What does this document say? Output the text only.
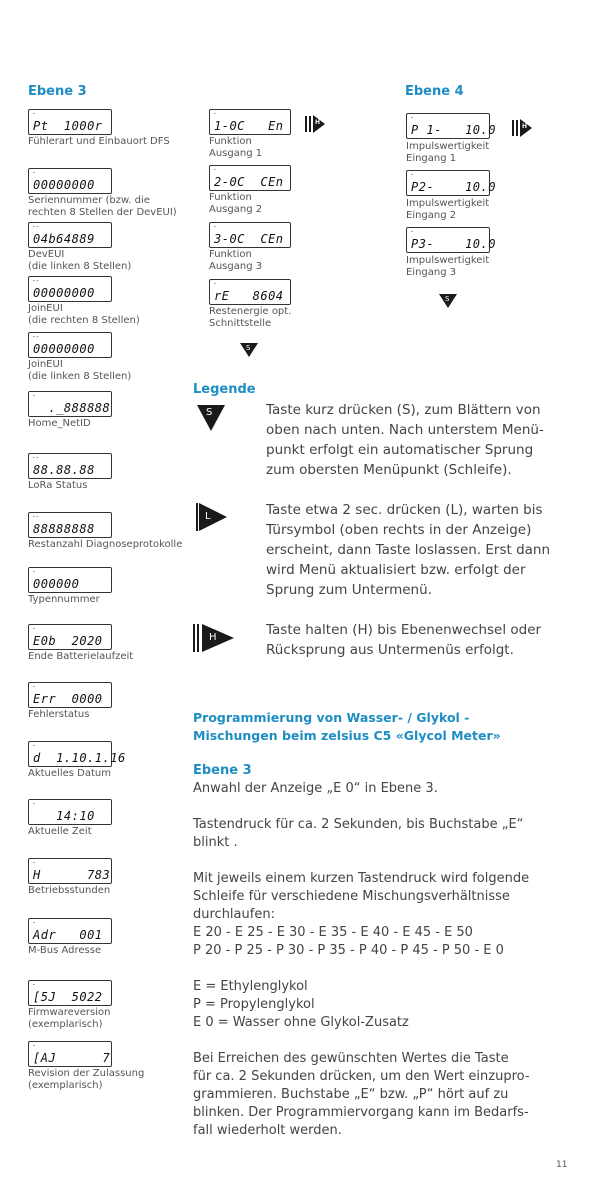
Ebene 3
-
Pt  1000r
Fühlerart und Einbauort DFS
-
00000000
Seriennummer (bzw. die
rechten 8 Stellen der DevEUI)
--
04b64889
DevEUI
(die linken 8 Stellen)
--
00000000
JoinEUI
(die rechten 8 Stellen)
--
00000000
JoinEUI
(die linken 8 Stellen)
-
._888888
Home_NetID
--
88.88.88
LoRa Status
--
88888888
Restanzahl Diagnoseprotokolle
-
000000
Typennummer
-
E0b  2020
Ende Batterielaufzeit
-
Err  0000
Fehlerstatus
-
d  1.10.1.16
Aktuelles Datum
-
14:10
Aktuelle Zeit
-
H      783
Betriebsstunden
-
Adr   001
M-Bus Adresse
-
[5J  5022
Firmwareversion
(exemplarisch)
-
[AJ      7
Revision der Zulassung
(exemplarisch)
-
1-0C   En
Funktion
Ausgang 1
-
2-0C  CEn
Funktion
Ausgang 2
-
3-0C  CEn
Funktion
Ausgang 3
-
rE   8604
Restenergie opt.
Schnittstelle
H
S
Ebene 4
-
P 1-   10.0
Impulswertigkeit
Eingang 1
-
P2-    10.0
Impulswertigkeit
Eingang 2
-
P3-    10.0
Impulswertigkeit
Eingang 3
H
S
Legende
S	Taste kurz drücken (S), zum Blättern von
oben nach unten. Nach unterstem Menü-
punkt erfolgt ein automatischer Sprung
zum obersten Menüpunkt (Schleife).
L	Taste etwa 2 sec. drücken (L), warten bis
Türsymbol (oben rechts in der Anzeige)
erscheint, dann Taste loslassen. Erst dann
wird Menü aktualisiert bzw. erfolgt der
Sprung zum Untermenü.
H	Taste halten (H) bis Ebenenwechsel oder
Rücksprung aus Untermenüs erfolgt.
Programmierung von Wasser- / Glykol -
Mischungen beim zelsius C5 «Glycol Meter»
Ebene 3
Anwahl der Anzeige „E 0“ in Ebene 3.
Tastendruck für ca. 2 Sekunden, bis Buchstabe „E“
blinkt .
Mit jeweils einem kurzen Tastendruck wird folgende
Schleife für verschiedene Mischungsverhältnisse
durchlaufen:
E 20 - E 25 - E 30 - E 35 - E 40 - E 45 - E 50
P 20 - P 25 - P 30 - P 35 - P 40 - P 45 - P 50 - E 0
E = Ethylenglykol
P = Propylenglykol
E 0 = Wasser ohne Glykol-Zusatz
Bei Erreichen des gewünschten Wertes die Taste
für ca. 2 Sekunden drücken, um den Wert einzupro-
grammieren. Buchstabe „E“ bzw. „P“ hört auf zu
blinken. Der Programmiervorgang kann im Bedarfs-
fall wiederholt werden.
11
